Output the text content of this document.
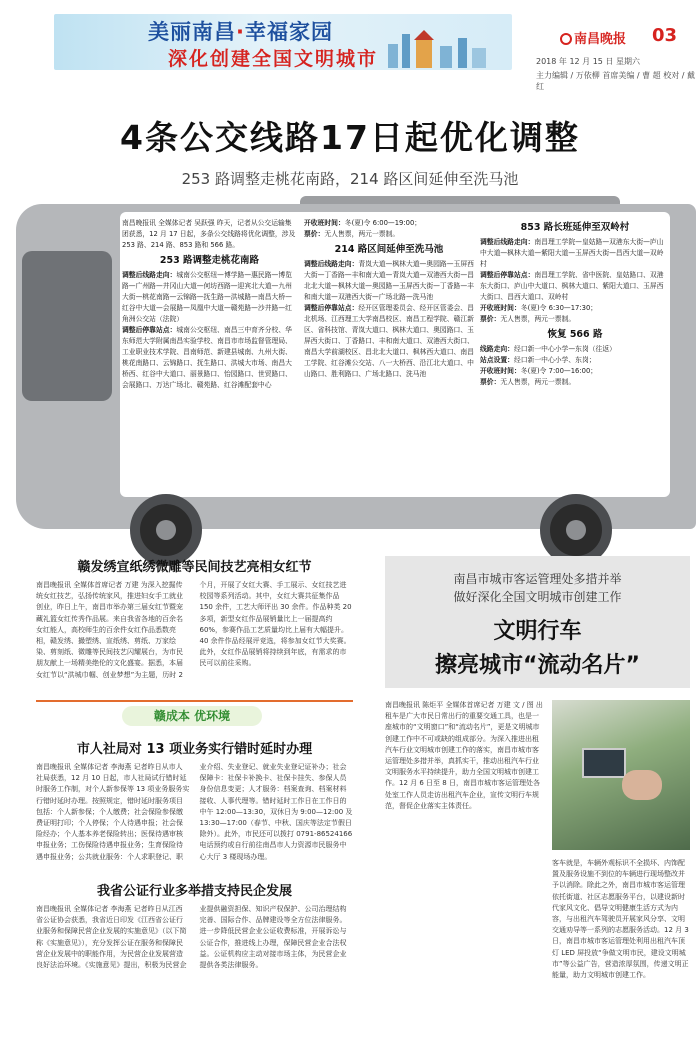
美丽南昌·幸福家园
深化创建全国文明城市
南昌晚报 03
2018 年 12 月 15 日 星期六
主力编辑 / 万依柳 首席美编 / 曹 超 校对 / 戴 红
4条公交线路17日起优化调整
253 路调整走桃花南路，214 路区间延伸至洗马池

南昌晚报讯 全媒体记者 吴跃强 昨天，记者从公交运输集团获悉，12 月 17 日起，多条公交线路将优化调整，涉及 253 路、214 路、853 路和 566 路。

253 路调整走桃花南路

调整后线路走向：城南公交枢纽—博学路—惠民路—博览路—广州路—井冈山大道—何坊西路—迎宾北大道—九州大街—桃花南路—云锦路—抚生路—洪城路—南昌大桥—红谷中大道—会展路—凤凰中大道—赣苑路—沙井路—红角洲公交站（法院）

调整后停靠站点：城南公交枢纽、南昌三中育齐分校、华东师范大学附属南昌实验学校、南昌市市场监督管理局、工业职业技术学院、昌南师范、新建县城南、九州大街、桃花南路口、云锦路口、抚生路口、洪城大市场、南昌大桥西、红谷中大道口、丽景路口、怡园路口、世贸路口、会展路口、万达广场北、赣苑路、红谷滩配套中心

开收班时间：冬(夏)令 6:00—19:00；

票价：无人售票，两元一票制。

214 路区间延伸至洗马池

调整后线路走向：青岚大道—枫林大道—奥园路—玉屏西大街—丁香路—丰和南大道—青岚大道—双港西大街—昌北北大道—枫林大道—奥园路—玉屏西大街—丁香路—丰和南大道—双港西大街—广场北路—洗马池

调整后停靠站点：经开区管理委员会、经开区管委会、昌北机场、江西理工大学南昌校区、南昌工程学院、赣江新区、省科技馆、青岚大道口、枫林大道口、奥园路口、玉屏西大街口、丁香路口、丰和南大道口、双港西大街口、南昌大学前湖校区、昌北北大道口、枫林西大道口、南昌工学院、红谷滩公交站、八一大桥西、沿江北大道口、中山路口、胜利路口、广场北路口、洗马池

853 路长班延伸至双岭村

调整后线路走向：南昌理工学院—皇姑路—双港东大街—庐山中大道—枫林大道—紫阳大道—玉屏西大街—昌西大道—双岭村

调整后停靠站点：南昌理工学院、省中医院、皇姑路口、双港东大街口、庐山中大道口、枫林大道口、紫阳大道口、玉屏西大街口、昌西大道口、双岭村

开收班时间：冬(夏)令 6:30—17:30；

票价：无人售票，两元一票制。

恢复 566 路

线路走向：经口新一中心小学—东岗（往返）

站点设置：经口新一中心小学、东岗；

开收班时间：冬(夏)令 7:00—16:00；

票价：无人售票，两元一票制。

赣发绣宣纸绣微雕等民间技艺亮相女红节
南昌晚报讯 全媒体首席记者 万建 为深入挖掘传统女红技艺，弘扬传统家风，推进妇女手工就业创业，昨日上午，南昌市举办第三届女红节暨宠藏礼篮女红传秀作品展。来自我省各地的百余名女红能人，高校师生的百余件女红作品悉数亮相，赣发绣、撮塑绣、宣纸绣、剪纸、万家绘染、剪刻纸、微雕等民间技艺闪耀展台，为市民朋友献上一场精美绝伦的文化盛宴。据悉，本届女红节以“洪城巾帼、创业梦想”为主题，历时 2 个月，开展了女红大赛、手工展示、女红技艺进校园等系列活动。其中，女红大赛共征集作品 150 余件，工艺大师评出 30 余件。作品种类 20 多项，新型女红作品展销量比上一届提高约 60%，参赛作品工艺质量均比上届有大幅提升。40 余件作品经展评竞选，将参加女红节大奖赛。此外，女红作品展销将持续到年底，有需求的市民可以前往采购。
赣成本 优环境
市人社局对 13 项业务实行错时延时办理
南昌晚报讯 全媒体记者 李海燕 记者昨日从市人社局获悉，12 月 10 日起，市人社局试行错时延时服务工作制，对个人新参保等 13 项业务服务实行错时延时办理。按照规定，错时延时服务项目包括：个人新参保；个人缴费；社会保险参保缴费证明打印；个人停保；个人待遇申报；社会保险经办；个人基本养老保险转出；医保待遇审核申报业务；工伤保险待遇申报业务；生育保险待遇申报业务；公共就业服务：个人求职登记、职业介绍、失业登记、就业失业登记证补办；社会保障卡：社保卡补换卡、社保卡挂失、参保人员身份信息变更；人才服务：档案查询、档案材料接收、人事代理等。错时延时工作日在工作日的中午 12:00—13:30，双休日为 9:00—12:00 及 13:30—17:00（春节、中秋、国庆等法定节假日除外）。此外，市民还可以拨打 0791-86524166 电话预约或自行前往南昌市人力资源市民服务中心大厅 3 楼现场办理。
我省公证行业多举措支持民企发展
南昌晚报讯 全媒体记者 李海燕 记者昨日从江西省公证协会获悉，我省近日印发《江西省公证行业服务和保障民营企业发展的实施意见》（以下简称《实施意见》），充分发挥公证在服务和保障民营企业发展中的职能作用，为民营企业发展营造良好法治环境。《实施意见》提出，积极为民营企业提供融资担保、知识产权保护、公司治理结构完善、国际合作、品牌建设等全方位法律服务。进一步降低民营企业公证收费标准，开展诉讼与公证合作，推进线上办理，保障民营企业合法权益。公证机构应主动对接市场主体，为民营企业提供各类法律服务。
南昌市城市客运管理处多措并举
做好深化全国文明城市创建工作
文明行车
擦亮城市“流动名片”
南昌晚报讯 陈炬平 全媒体首席记者 万建 文 / 图 出租车是广大市民日常出行的重要交通工具，也是一座城市的“文明窗口”和“流动名片”，更是文明城市创建工作中不可或缺的组成部分。为深入推进出租汽车行业文明城市创建工作的落实，南昌市城市客运管理处多措并举，真抓实干，推动出租汽车行业文明服务水平持续提升，助力全国文明城市创建工作。12 月 6 日至 8 日，南昌市城市客运管理处各处室工作人员走访出租汽车企业，宣传文明行车规范，督促企业落实主体责任。
客车就是，车辆外观标识不全损坏、内饰配置及服务设施不到位的车辆进行现场整改并予以消除。除此之外，南昌市城市客运管理依托街道、社区志愿服务平台，以建设新时代家风文化、倡导文明健康生活方式为内容，与出租汽车驾驶员开展家风分享、文明交通劝导等一系列的志愿服务活动。12 月 3 日，南昌市城市客运管理处利用出租汽车顶灯 LED 屏投放“争做文明市民，建设文明城市”等公益广告，营造浓厚氛围，传递文明正能量，助力文明城市创建工作。
